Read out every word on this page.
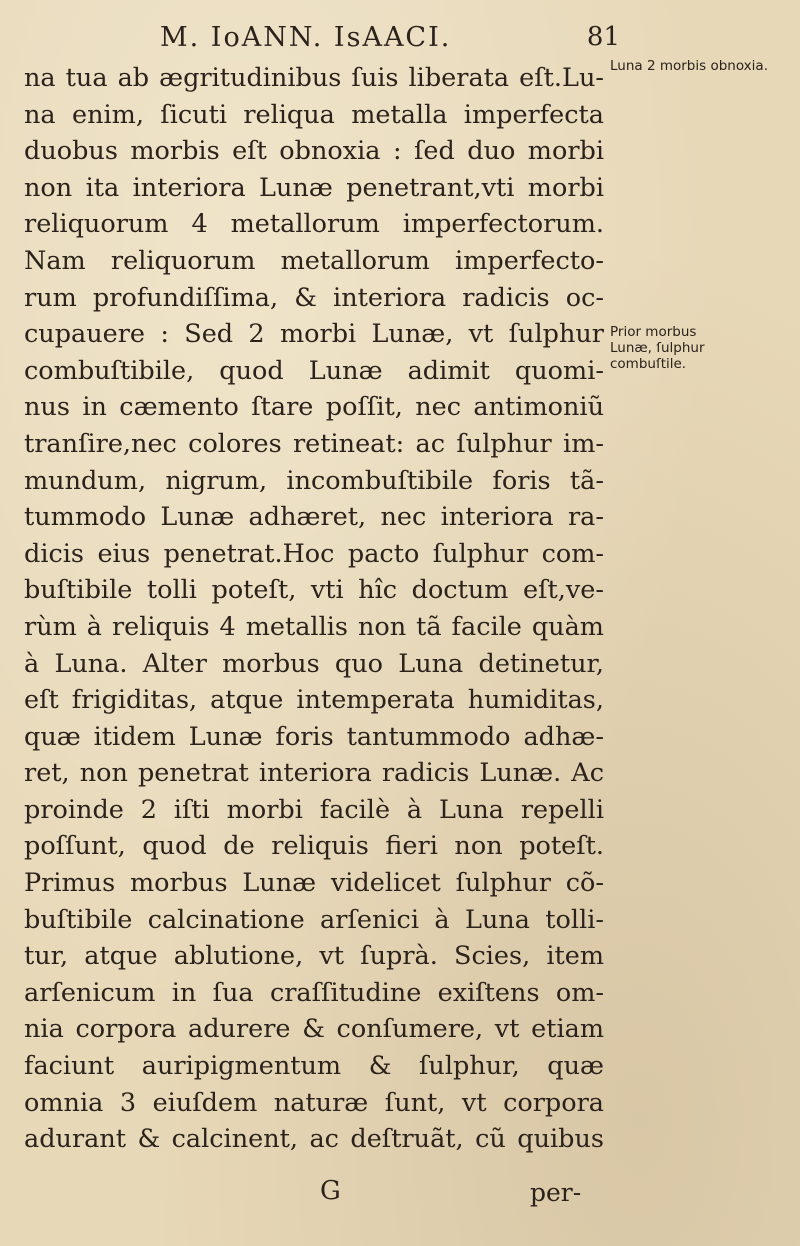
M. IoANN. IsAACI.	81
na tua ab ægritudinibus ſuis liberata eſt.Lu-
na enim, ſicuti reliqua metalla imperfecta
duobus morbis eſt obnoxia : ſed duo morbi
non ita interiora Lunæ penetrant,vti morbi
reliquorum 4 metallorum imperfectorum.
Nam reliquorum metallorum imperfecto-
rum profundiſſima, & interiora radicis oc-
cupauere : Sed 2 morbi Lunæ, vt ſulphur
combuſtibile, quod Lunæ adimit quomi-
nus in cæmento ſtare poſſit, nec antimoniũ
tranſire,nec colores retineat: ac ſulphur im-
mundum, nigrum, incombuſtibile foris tã-
tummodo Lunæ adhæret, nec interiora ra-
dicis eius penetrat.Hoc pacto ſulphur com-
buſtibile tolli poteſt, vti hîc doctum eſt,ve-
rùm à reliquis 4 metallis non tã facile quàm
à Luna. Alter morbus quo Luna detinetur,
eſt frigiditas, atque intemperata humiditas,
quæ itidem Lunæ foris tantummodo adhæ-
ret, non penetrat interiora radicis Lunæ. Ac
proinde 2 iſti morbi facilè à Luna repelli
poſſunt, quod de reliquis fieri non poteſt.
Primus morbus Lunæ videlicet ſulphur cõ-
buſtibile calcinatione arſenici à Luna tolli-
tur, atque ablutione, vt ſuprà. Scies, item
arſenicum in ſua craſſitudine exiſtens om-
nia corpora adurere & conſumere, vt etiam
faciunt auripigmentum & ſulphur, quæ
omnia 3 eiuſdem naturæ ſunt, vt corpora
adurant & calcinent, ac deſtruãt, cũ quibus
Luna 2 morbis obnoxia.
Prior morbus
Lunæ, ſulphur
combuſtile.
G	per-
